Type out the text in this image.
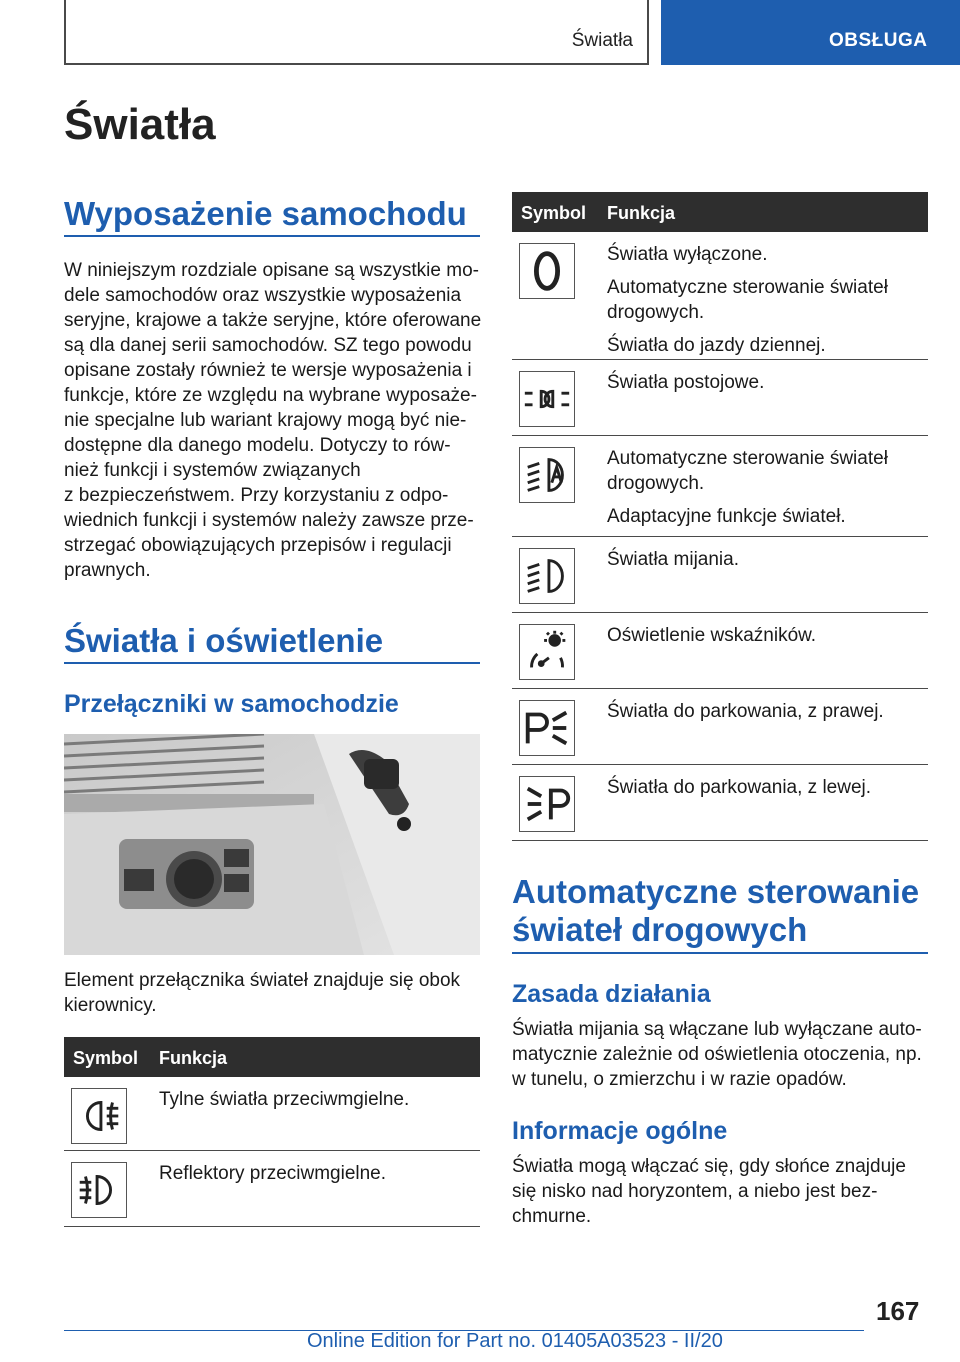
Światła	OBSŁUGA
Światła
Wyposażenie samochodu
W niniejszym rozdziale opisane są wszystkie mo-
dele samochodów oraz wszystkie wyposażenia
seryjne, krajowe a także seryjne, które oferowane
są dla danej serii samochodów. SZ tego powodu
opisane zostały również te wersje wyposażenia i
funkcje, które ze względu na wybrane wyposaże-
nie specjalne lub wariant krajowy mogą być nie-
dostępne dla danego modelu. Dotyczy to rów-
nież funkcji i systemów związanych
z bezpieczeństwem. Przy korzystaniu z odpo-
wiednich funkcji i systemów należy zawsze prze-
strzegać obowiązujących przepisów i regulacji
prawnych.
Światła i oświetlenie
Przełączniki w samochodzie
Element przełącznika świateł znajduje się obok
kierownicy.
Symbol Funkcja

Tylne światła przeciwmgielne.

Reflektory przeciwmgielne.

Symbol Funkcja

Światła wyłączone.

Automatyczne sterowanie świateł
drogowych.

Światła do jazdy dziennej.

Światła postojowe.

Automatyczne sterowanie świateł
drogowych.

Adaptacyjne funkcje świateł.

Światła mijania.

Oświetlenie wskaźników.

Światła do parkowania, z prawej.

Światła do parkowania, z lewej.

Automatyczne sterowanie
świateł drogowych
Zasada działania
Światła mijania są włączane lub wyłączane auto-
matycznie zależnie od oświetlenia otoczenia, np.
w tunelu, o zmierzchu i w razie opadów.
Informacje ogólne
Światła mogą włączać się, gdy słońce znajduje
się nisko nad horyzontem, a niebo jest bez-
chmurne.
167
Online Edition for Part no. 01405A03523 - II/20
